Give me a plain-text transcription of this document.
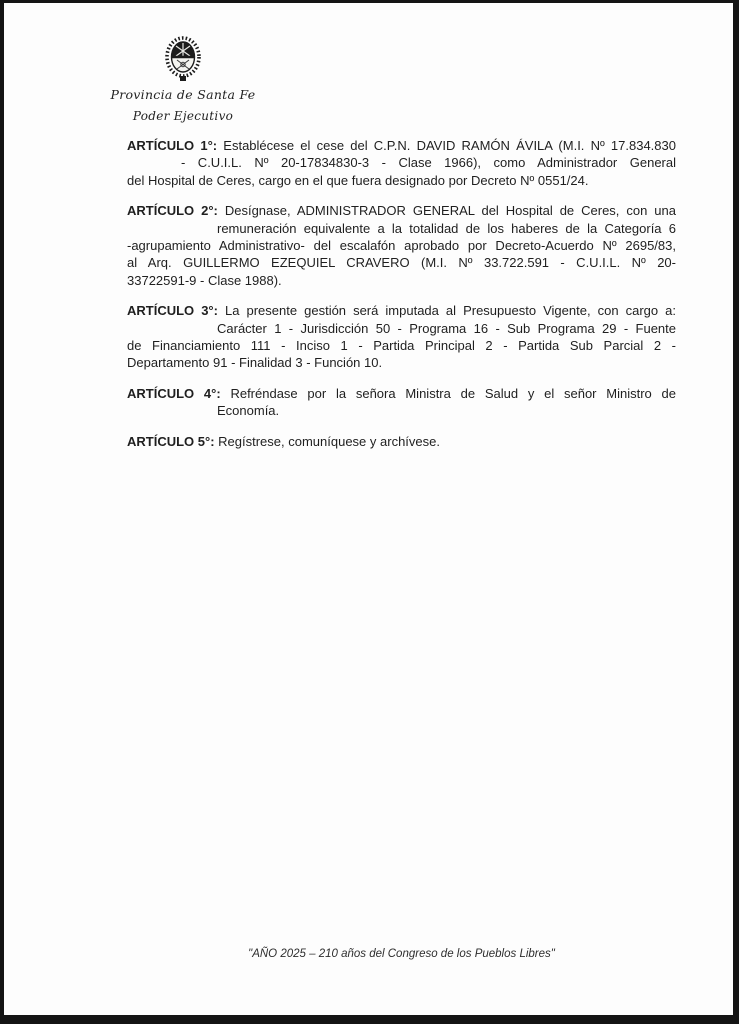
Provincia de Santa Fe
Poder Ejecutivo
ARTÍCULO 1°: Establécese el cese del C.P.N. DAVID RAMÓN ÁVILA (M.I. Nº 17.834.830
- C.U.I.L. Nº 20-17834830-3 - Clase 1966), como Administrador General
del Hospital de Ceres, cargo en el que fuera designado por Decreto Nº 0551/24.
ARTÍCULO 2°: Desígnase, ADMINISTRADOR GENERAL del Hospital de Ceres, con una
remuneración equivalente a la totalidad de los haberes de la Categoría 6
-agrupamiento Administrativo- del escalafón aprobado por Decreto-Acuerdo Nº 2695/83,
al Arq. GUILLERMO EZEQUIEL CRAVERO (M.I. Nº 33.722.591 - C.U.I.L. Nº 20-
33722591-9 - Clase 1988).
ARTÍCULO 3°: La presente gestión será imputada al Presupuesto Vigente, con cargo a:
Carácter 1 - Jurisdicción 50 - Programa 16 - Sub Programa 29 - Fuente
de Financiamiento 111 - Inciso 1 - Partida Principal 2 - Partida Sub Parcial 2 -
Departamento 91 - Finalidad 3 - Función 10.
ARTÍCULO 4°: Refréndase por la señora Ministra de Salud y el señor Ministro de
Economía.
ARTÍCULO 5°: Regístrese, comuníquese y archívese.
"AÑO 2025 – 210 años del Congreso de los Pueblos Libres"
